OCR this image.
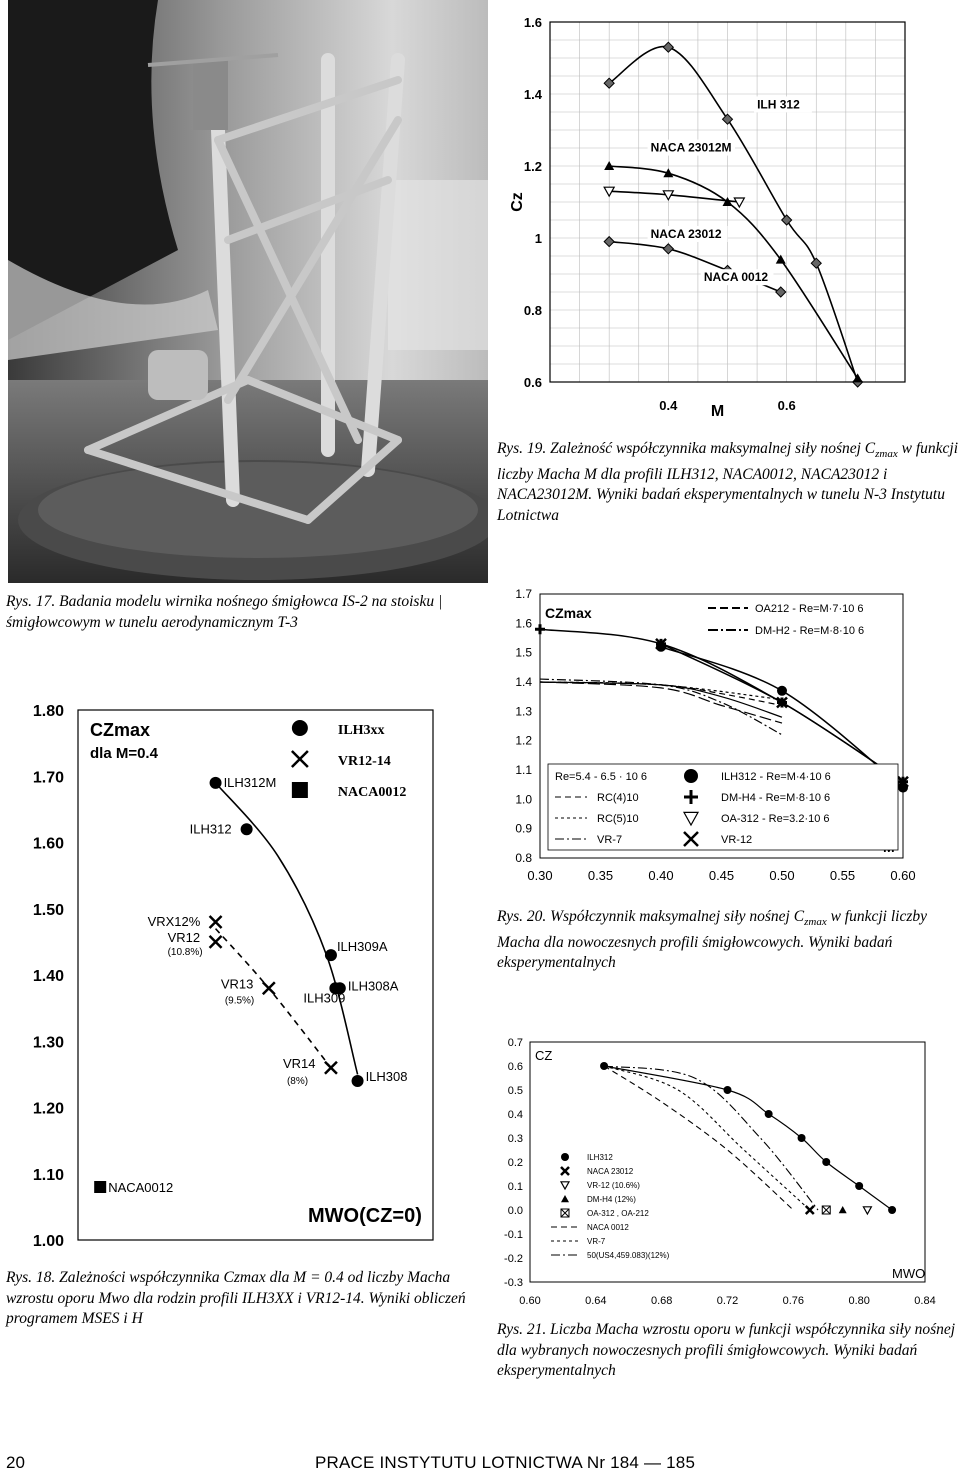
Rys. 17. Badania modelu wirnika nośnego śmigłowca IS-2 na stoisku |śmigłowcowym w tunelu aerodynamicznym T-3
0.6
0.8
1
1.2
1.4
1.6
0.4	0.6
M
Cz
ILH 312
NACA 23012M
NACA 23012
NACA 0012
Rys. 19. Zależność współczynnika maksymalnej siły nośnej $C_{zmax}$ w funkcji liczby Macha M dla profili ILH312, NACA0012, NACA23012 i NACA23012M. Wyniki badań eksperymentalnych w tunelu N-3 Instytutu Lotnictwa
0.8
0.9
1.0
1.1
1.2
1.3
1.4
1.5
1.6
1.7
0.30	0.35	0.40	0.45	0.50	0.55	0.60
CZmax	OA212 - Re=M·7·10 6
DM-H2 - Re=M·8·10 6
Re=5.4 - 6.5 · 10 6
RC(4)10
RC(5)10
VR-7
ILH312 - Re=M·4·10 6
DM-H4 - Re=M·8·10 6
OA-312 - Re=3.2·10 6
VR-12
Rys. 20. Współczynnik maksymalnej siły nośnej $C_{zmax}$ w funkcji liczby Macha dla nowoczesnych profili śmigłowcowych. Wyniki badań eksperymentalnych
1.00
1.10
1.20
1.30
1.40
1.50
1.60
1.70
1.80
CZmax
dla M=0.4
MWO(CZ=0)
ILH312M
ILH312
ILH309A
ILH309
ILH308A
ILH308
VRX12%
VR12
VR13
VR14
NACA0012
(10.8%)
(9.5%)
(8%)
ILH3xx
VR12-14
NACA0012
Rys. 18. Zależności współczynnika Czmax dla M = 0.4 od liczby Macha wzrostu oporu Mwo dla rodzin profili ILH3XX i VR12-14. Wyniki obliczeń programem MSES i H
-0.3
-0.2
-0.1
0.0
0.1
0.2
0.3
0.4
0.5
0.6
0.7
0.60	0.64	0.68	0.72	0.76	0.80	0.84
MWO
CZ
ILH312
NACA 23012
VR-12 (10.6%)
DM-H4 (12%)
OA-312 , OA-212
NACA 0012
VR-7
50(US4,459.083)(12%)
Rys. 21. Liczba Macha wzrostu oporu w funkcji współczynnika siły nośnej dla wybranych nowoczesnych profili śmigłowcowych. Wyniki badań eksperymentalnych
20	PRACE INSTYTUTU LOTNICTWA Nr 184 — 185
